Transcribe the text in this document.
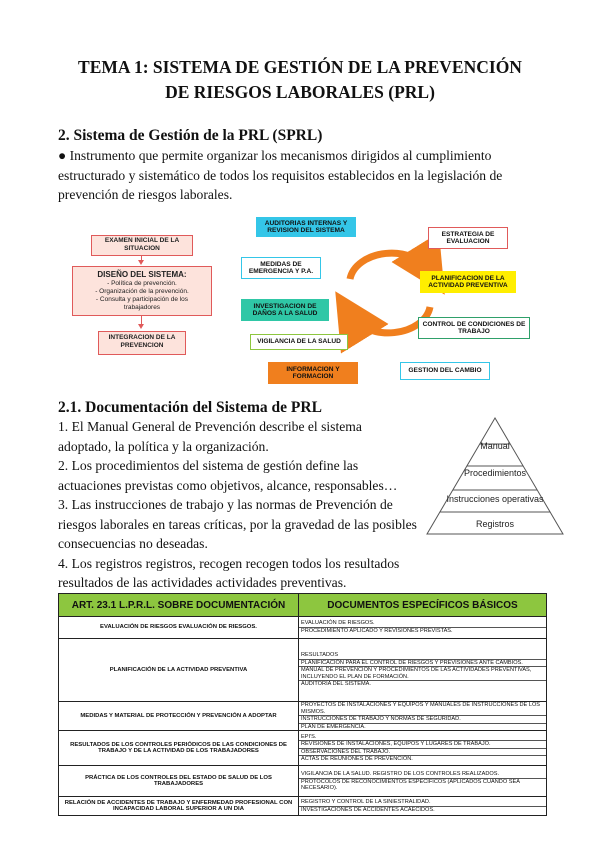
TEMA 1: SISTEMA DE GESTIÓN DE LA PREVENCIÓN
DE RIESGOS LABORALES (PRL)
2. Sistema de Gestión de la PRL (SPRL)

● Instrumento que permite organizar los mecanismos dirigidos al cumplimiento estructurado y sistemático de todos los requisitos establecidos en la legislación de prevención de riesgos laborales.

EXAMEN INICIAL DE LA SITUACION
DISEÑO DEL SISTEMA:
- Política de prevención.
- Organización de la prevención.
- Consulta y participación de los trabajadores
INTEGRACION DE LA PREVENCION
AUDITORIAS INTERNAS Y REVISION DEL SISTEMA	ESTRATEGIA DE EVALUACION
MEDIDAS DE EMERGENCIA Y P.A.
PLANIFICACION DE LA ACTIVIDAD PREVENTIVA
INVESTIGACION DE DAÑOS A LA SALUD
CONTROL DE CONDICIONES DE TRABAJO
VIGILANCIA DE LA SALUD
INFORMACION Y FORMACION
GESTION DEL CAMBIO
2.1. Documentación del Sistema de PRL

1. El Manual General de Prevención describe el sistema adoptado, la política y la organización.

2. Los procedimientos del sistema de gestión define las actuaciones previstas como objetivos, alcance, responsables…

3. Las instrucciones de trabajo y las normas de Prevención de riesgos laborales en tareas críticas, por la gravedad de las posibles consecuencias no deseadas.

4. Los registros registros, recogen recogen todos los resultados resultados de las actividades actividades preventivas.

Manual
Procedimientos
Instrucciones operativas
Registros
ART. 23.1 L.P.R.L. SOBRE DOCUMENTACIÓN	DOCUMENTOS ESPECÍFICOS BÁSICOS
EVALUACIÓN DE RIESGOS EVALUACIÓN DE RIESGOS.	EVALUACIÓN DE RIESGOS.
PROCEDIMIENTO APLICADO Y REVISIONES PREVISTAS.

PLANIFICACIÓN DE LA ACTIVIDAD PREVENTIVA	RESULTADOS
PLANIFICACIÓN PARA EL CONTROL DE RIESGOS Y PREVISIONES ANTE CAMBIOS.
MANUAL DE PREVENCIÓN Y PROCEDIMIENTOS DE LAS ACTIVIDADES PREVENTIVAS, INCLUYENDO EL PLAN DE FORMACIÓN.
AUDITORÍA DEL SISTEMA.

MEDIDAS Y MATERIAL DE PROTECCIÓN Y PREVENCIÓN A ADOPTAR	PROYECTOS DE INSTALACIONES Y EQUIPOS Y MANUALES DE INSTRUCCIONES DE LOS MISMOS.
INSTRUCCIONES DE TRABAJO Y NORMAS DE SEGURIDAD.
PLAN DE EMERGENCIA.

RESULTADOS DE LOS CONTROLES PERIÓDICOS DE LAS CONDICIONES DE TRABAJO Y DE LA ACTIVIDAD DE LOS TRABAJADORES	EPI'S.
REVISIONES DE INSTALACIONES, EQUIPOS Y LUGARES DE TRABAJO.
OBSERVACIONES DEL TRABAJO.
ACTAS DE REUNIONES DE PREVENCIÓN.

PRÁCTICA DE LOS CONTROLES DEL ESTADO DE SALUD DE LOS TRABAJADORES	VIGILANCIA DE LA SALUD. REGISTRO DE LOS CONTROLES REALIZADOS.
PROTOCOLOS DE RECONOCIMIENTOS ESPECÍFICOS (APLICADOS CUANDO SEA NECESARIO).

RELACIÓN DE ACCIDENTES DE TRABAJO Y ENFERMEDAD PROFESIONAL CON INCAPACIDAD LABORAL SUPERIOR A UN DIA	REGISTRO Y CONTROL DE LA SINIESTRALIDAD.
INVESTIGACIONES DE ACCIDENTES ACAECIDOS.
